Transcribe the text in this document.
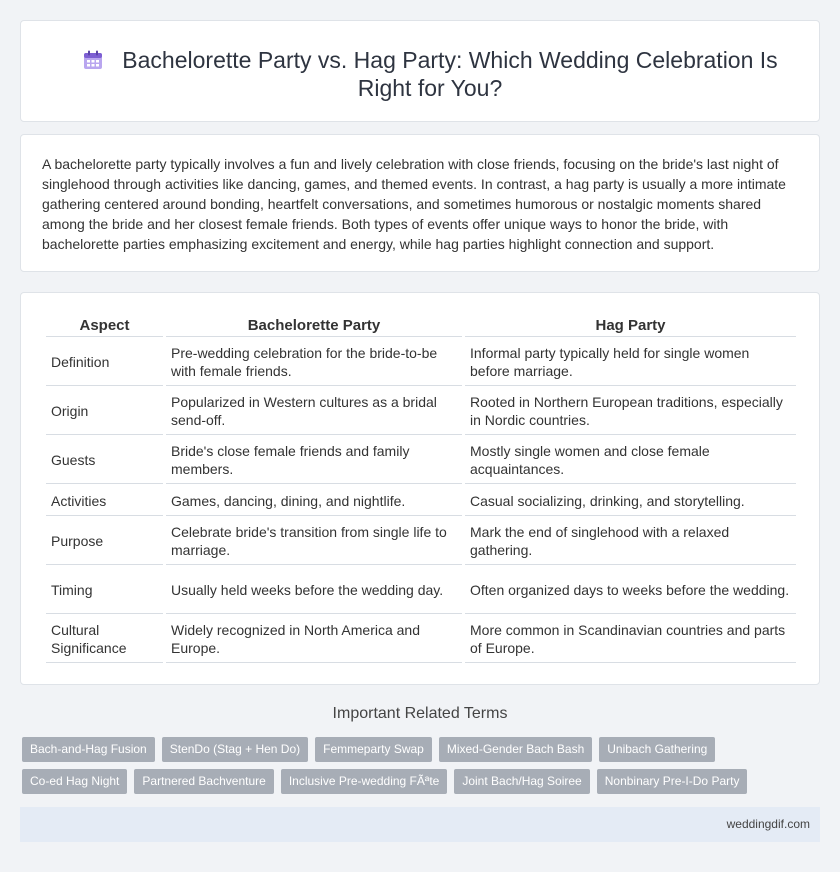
Bachelorette Party vs. Hag Party: Which Wedding Celebration Is Right for You?

A bachelorette party typically involves a fun and lively celebration with close friends, focusing on the bride's last night of singlehood through activities like dancing, games, and themed events. In contrast, a hag party is usually a more intimate gathering centered around bonding, heartfelt conversations, and sometimes humorous or nostalgic moments shared among the bride and her closest female friends. Both types of events offer unique ways to honor the bride, with bachelorette parties emphasizing excitement and energy, while hag parties highlight connection and support.

Aspect	Bachelorette Party	Hag Party
Definition	Pre-wedding celebration for the bride-to-be with female friends.	Informal party typically held for single women before marriage.
Origin	Popularized in Western cultures as a bridal send-off.	Rooted in Northern European traditions, especially in Nordic countries.
Guests	Bride's close female friends and family members.	Mostly single women and close female acquaintances.
Activities	Games, dancing, dining, and nightlife.	Casual socializing, drinking, and storytelling.
Purpose	Celebrate bride's transition from single life to marriage.	Mark the end of singlehood with a relaxed gathering.
Timing	Usually held weeks before the wedding day.	Often organized days to weeks before the wedding.
Cultural Significance	Widely recognized in North America and Europe.	More common in Scandinavian countries and parts of Europe.
Important Related Terms
Bach-and-Hag Fusion	StenDo (Stag + Hen Do)	Femmeparty Swap	Mixed-Gender Bach Bash	Unibach Gathering
Co-ed Hag Night	Partnered Bachventure	Inclusive Pre-wedding FÃªte	Joint Bach/Hag Soiree	Nonbinary Pre-I-Do Party
weddingdif.com
